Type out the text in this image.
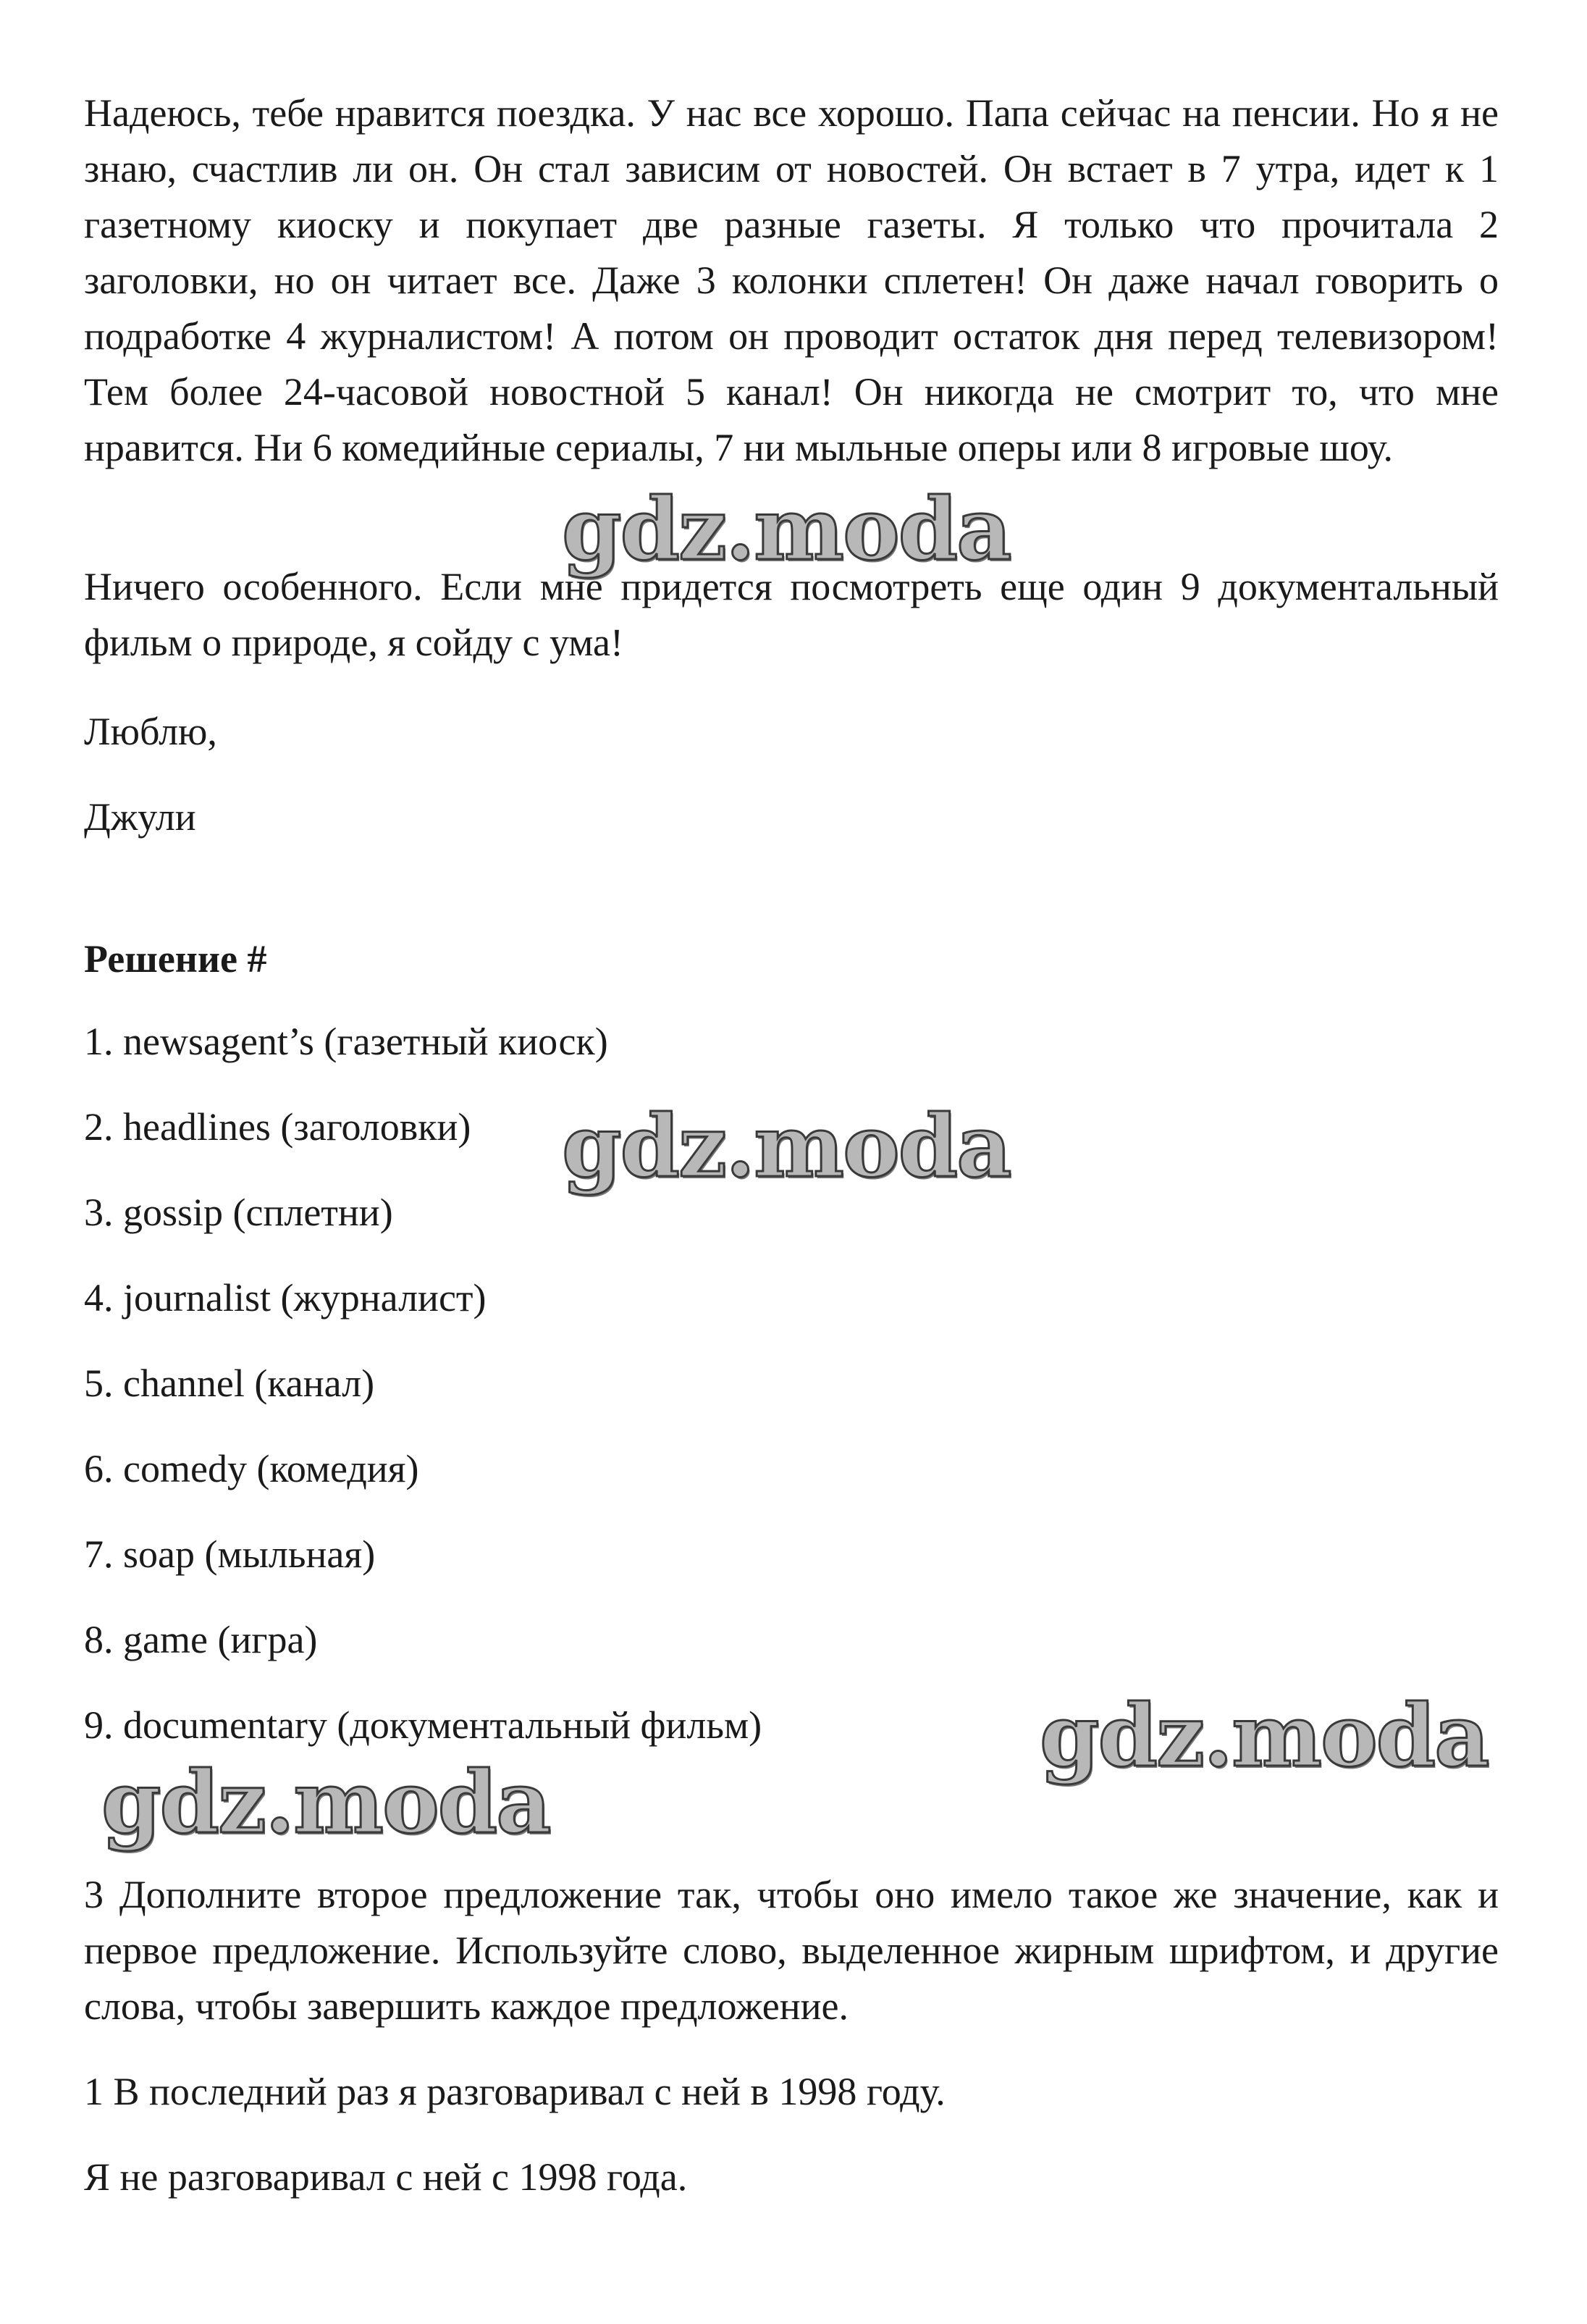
Надеюсь, тебе нравится поездка. У нас все хорошо. Папа сейчас на пенсии. Но я не знаю, счастлив ли он. Он стал зависим от новостей. Он встает в 7 утра, идет к 1 газетному киоску и покупает две разные газеты. Я только что прочитала 2 заголовки, но он читает все. Даже 3 колонки сплетен! Он даже начал говорить о подработке 4 журналистом! А потом он проводит остаток дня перед телевизором! Тем более 24-часовой новостной 5 канал! Он никогда не смотрит то, что мне нравится. Ни 6 комедийные сериалы, 7 ни мыльные оперы или 8 игровые шоу.

Ничего особенного. Если мне придется посмотреть еще один 9 документальный фильм о природе, я сойду с ума!

Люблю,

Джули

Решение #

1. newsagent’s (газетный киоск)

2. headlines (заголовки)

3. gossip (сплетни)

4. journalist (журналист)

5. channel (канал)

6. comedy (комедия)

7. soap (мыльная)

8. game (игра)

9. documentary (документальный фильм)

3 Дополните второе предложение так, чтобы оно имело такое же значение, как и первое предложение. Используйте слово, выделенное жирным шрифтом, и другие слова, чтобы завершить каждое предложение.

1 В последний раз я разговаривал с ней в 1998 году.

Я не разговаривал с ней с 1998 года.

gdz.moda
gdz.moda
gdz.moda
gdz.moda
